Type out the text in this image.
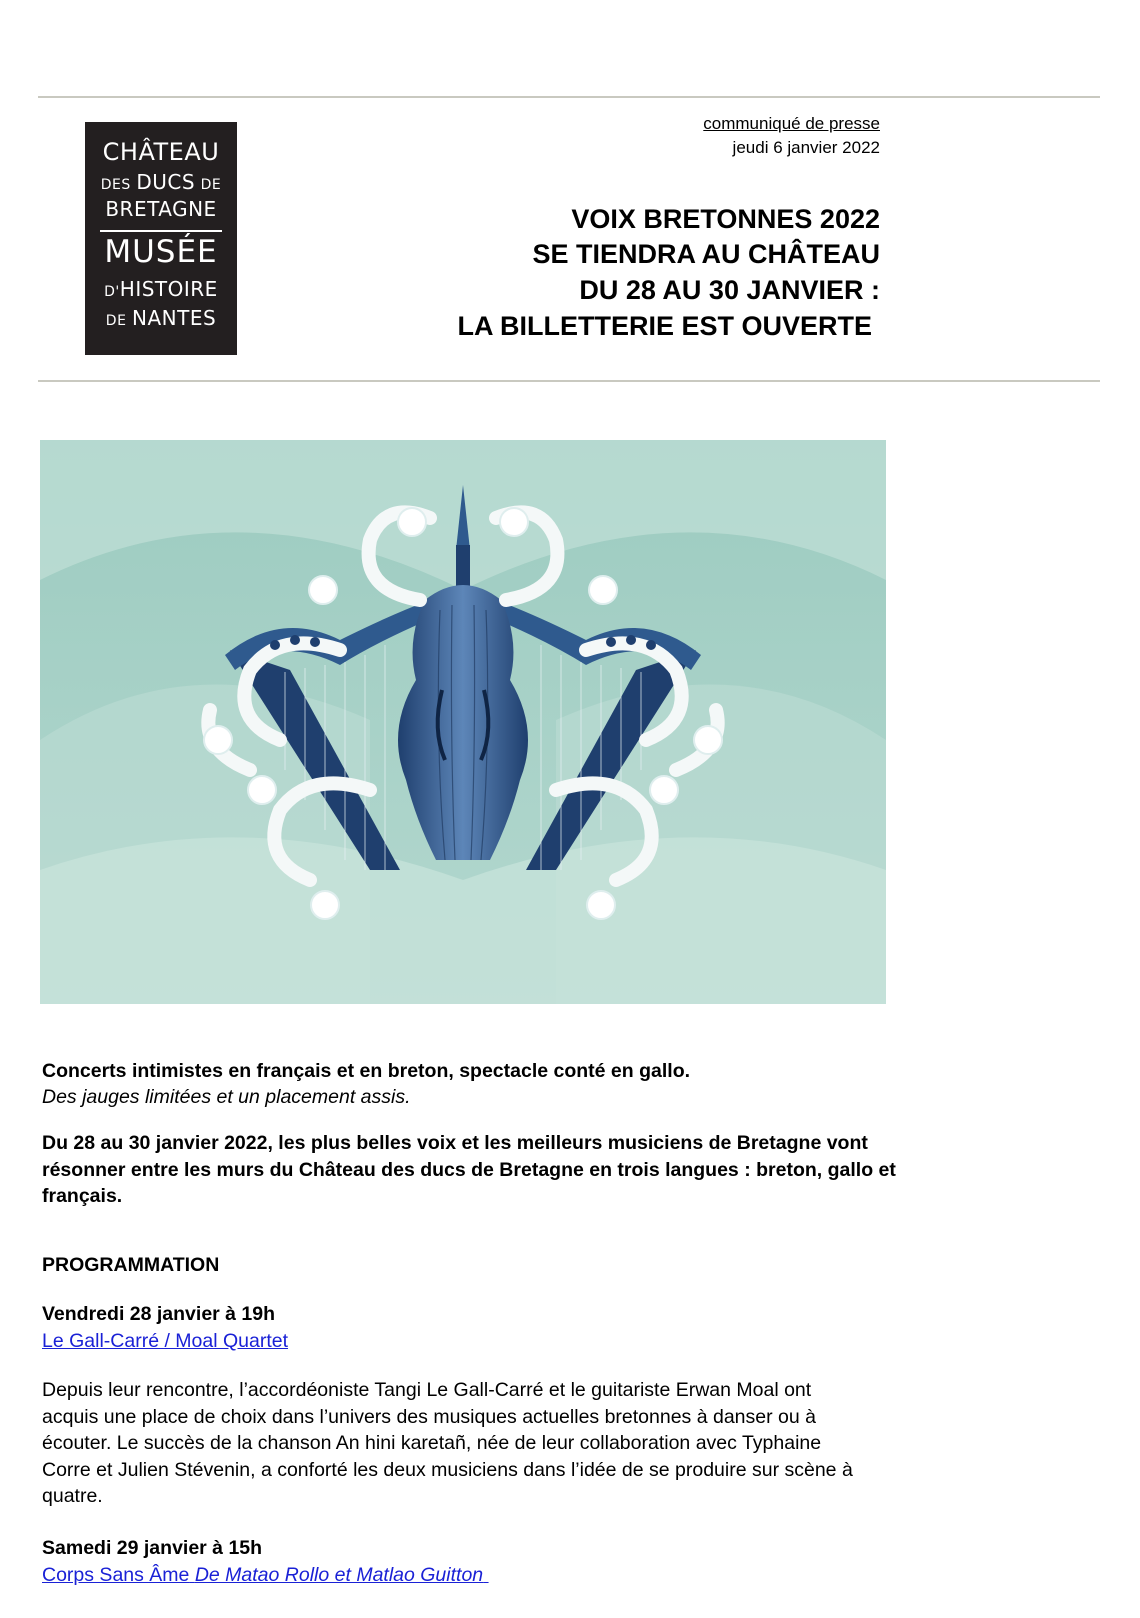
CHÂTEAU
DES DUCS DE
BRETAGNE
MUSÉE
D'HISTOIRE
DE NANTES
communiqué de presse
jeudi 6 janvier 2022
VOIX BRETONNES 2022
SE TIENDRA AU CHÂTEAU
DU 28 AU 30 JANVIER :
LA BILLETTERIE EST OUVERTE
Concerts intimistes en français et en breton, spectacle conté en gallo.
Des jauges limitées et un placement assis.
Du 28 au 30 janvier 2022, les plus belles voix et les meilleurs musiciens de Bretagne vont résonner entre les murs du Château des ducs de Bretagne en trois langues : breton, gallo et français.
PROGRAMMATION
Vendredi 28 janvier à 19h
Le Gall-Carré / Moal Quartet
Depuis leur rencontre, l’accordéoniste Tangi Le Gall-Carré et le guitariste Erwan Moal ont acquis une place de choix dans l’univers des musiques actuelles bretonnes à danser ou à écouter. Le succès de la chanson An hini karetañ, née de leur collaboration avec Typhaine Corre et Julien Stévenin, a conforté les deux musiciens dans l’idée de se produire sur scène à quatre.
Samedi 29 janvier à 15h
Corps Sans Âme De Matao Rollo et Matlao Guitton
